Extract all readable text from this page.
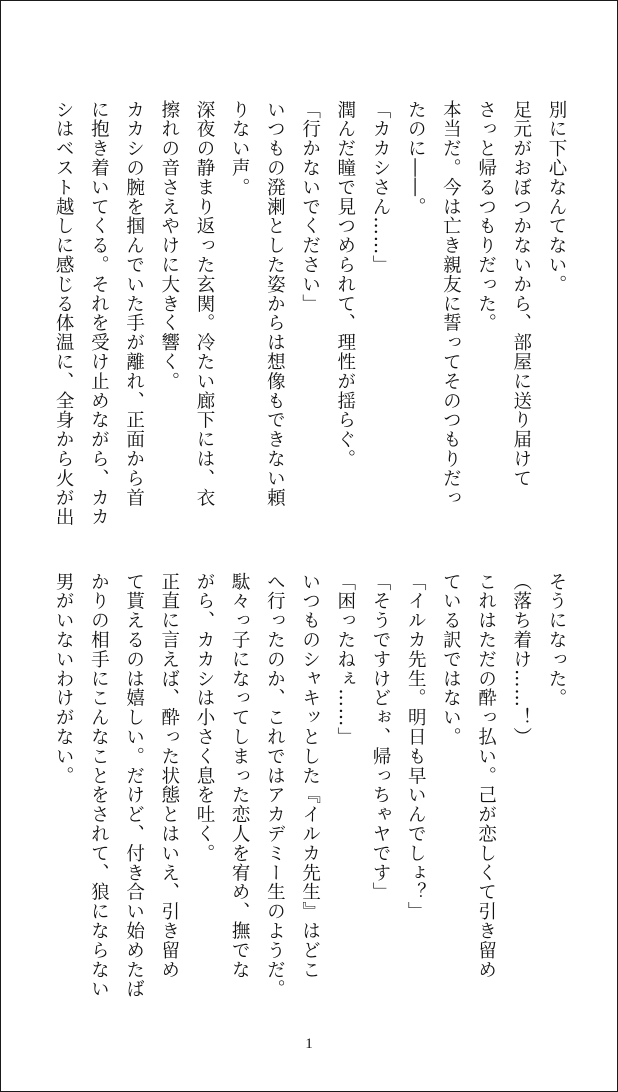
別に下心なんてない。
足元がおぼつかないから、部屋に送り届けて
さっと帰るつもりだった。
本当だ。今は亡き親友に誓ってそのつもりだっ
たのに――。
「カカシさん……」
潤んだ瞳で見つめられて、理性が揺らぐ。
「行かないでください」
いつもの溌溂とした姿からは想像もできない頼
りない声。
深夜の静まり返った玄関。冷たい廊下には、衣
擦れの音さえやけに大きく響く。
カカシの腕を掴んでいた手が離れ、正面から首
に抱き着いてくる。それを受け止めながら、カカ
シはベスト越しに感じる体温に、全身から火が出
そうになった。
（落ち着け……！）
これはただの酔っ払い。己が恋しくて引き留め
ている訳ではない。
「イルカ先生。明日も早いんでしょ？」
「そうですけどぉ、帰っちゃヤです」
「困ったねぇ……」
いつものシャキッとした『イルカ先生』はどこ
へ行ったのか、これではアカデミー生のようだ。
駄々っ子になってしまった恋人を宥め、撫でな
がら、カカシは小さく息を吐く。
正直に言えば、酔った状態とはいえ、引き留め
て貰えるのは嬉しい。だけど、付き合い始めたば
かりの相手にこんなことをされて、狼にならない
男がいないわけがない。
1
